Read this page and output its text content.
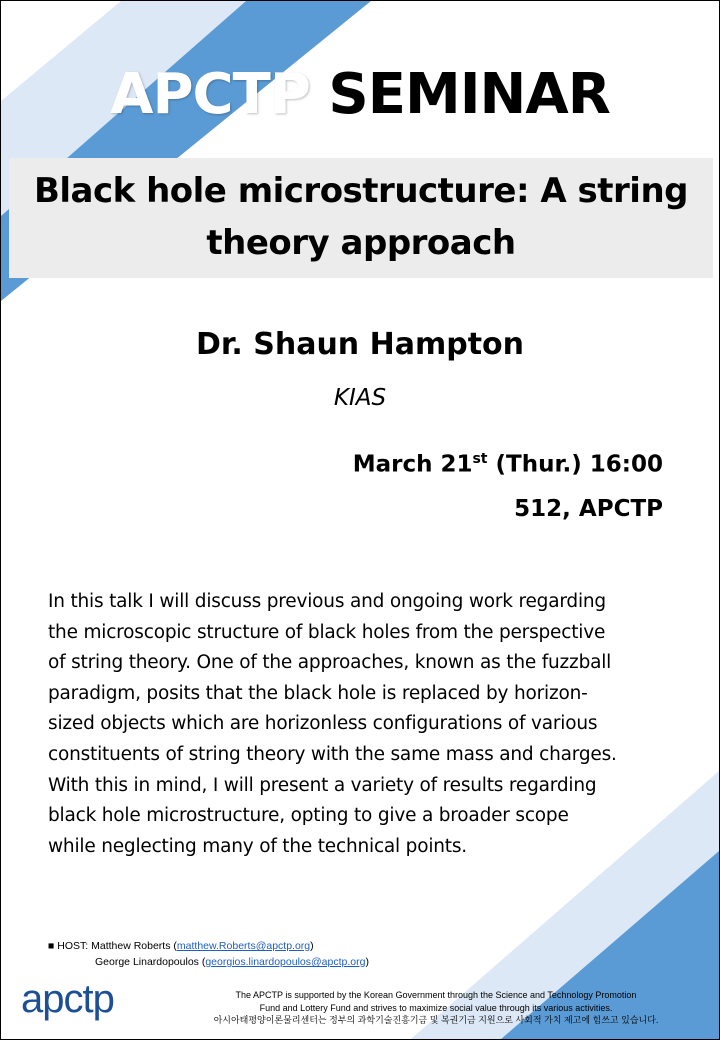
APCTP SEMINAR
Black hole microstructure: A string
theory approach
Dr. Shaun Hampton
KIAS
March 21st (Thur.) 16:00
512, APCTP
In this talk I will discuss previous and ongoing work regarding
the microscopic structure of black holes from the perspective
of string theory. One of the approaches, known as the fuzzball
paradigm, posits that the black hole is replaced by horizon-
sized objects which are horizonless configurations of various
constituents of string theory with the same mass and charges.
With this in mind, I will present a variety of results regarding
black hole microstructure, opting to give a broader scope
while neglecting many of the technical points.
■ HOST: Matthew Roberts (matthew.Roberts@apctp.org)
George Linardopoulos (georgios.linardopoulos@apctp.org)
apctp	The APCTP is supported by the Korean Government through the Science and Technology Promotion
Fund and Lottery Fund and strives to maximize social value through its various activities.
아시아태평양이론물리센터는 정부의 과학기술진흥기금 및 복권기금 지원으로 사회적 가치 제고에 힘쓰고 있습니다.
